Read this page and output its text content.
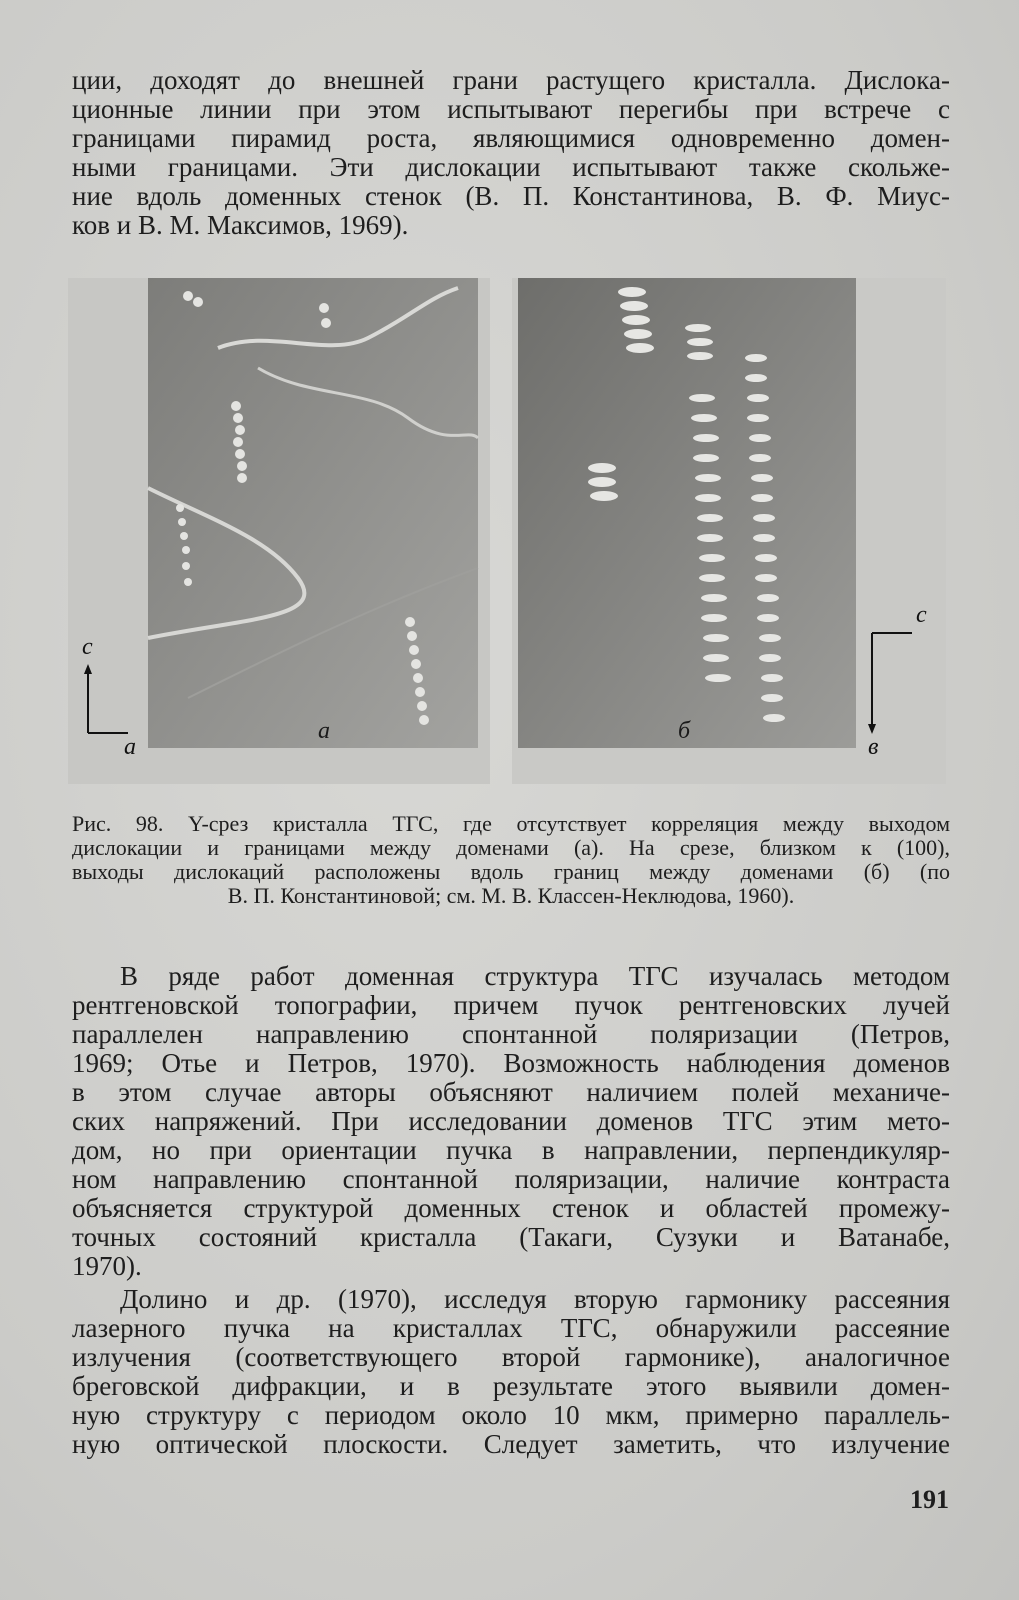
ции, доходят до внешней грани растущего кристалла. Дислока-
ционные линии при этом испытывают перегибы при встрече с
границами пирамид роста, являющимися одновременно домен-
ными границами. Эти дислокации испытывают также скольже-
ние вдоль доменных стенок (В. П. Константинова, В. Ф. Миус-
ков и В. М. Максимов, 1969).
c
a
а
c
в
б
Рис. 98. Y-срез кристалла ТГС, где отсутствует корреляция между выходом
дислокации и границами между доменами (а). На срезе, близком к (100),
выходы дислокаций расположены вдоль границ между доменами (б) (по
В. П. Константиновой; см. М. В. Классен-Неклюдова, 1960).
В ряде работ доменная структура ТГС изучалась методом
рентгеновской топографии, причем пучок рентгеновских лучей
параллелен направлению спонтанной поляризации (Петров,
1969; Отье и Петров, 1970). Возможность наблюдения доменов
в этом случае авторы объясняют наличием полей механиче-
ских напряжений. При исследовании доменов ТГС этим мето-
дом, но при ориентации пучка в направлении, перпендикуляр-
ном направлению спонтанной поляризации, наличие контраста
объясняется структурой доменных стенок и областей промежу-
точных состояний кристалла (Такаги, Сузуки и Ватанабе,
1970).
Долино и др. (1970), исследуя вторую гармонику рассеяния
лазерного пучка на кристаллах ТГС, обнаружили рассеяние
излучения (соответствующего второй гармонике), аналогичное
бреговской дифракции, и в результате этого выявили домен-
ную структуру с периодом около 10 мкм, примерно параллель-
ную оптической плоскости. Следует заметить, что излучение
191
